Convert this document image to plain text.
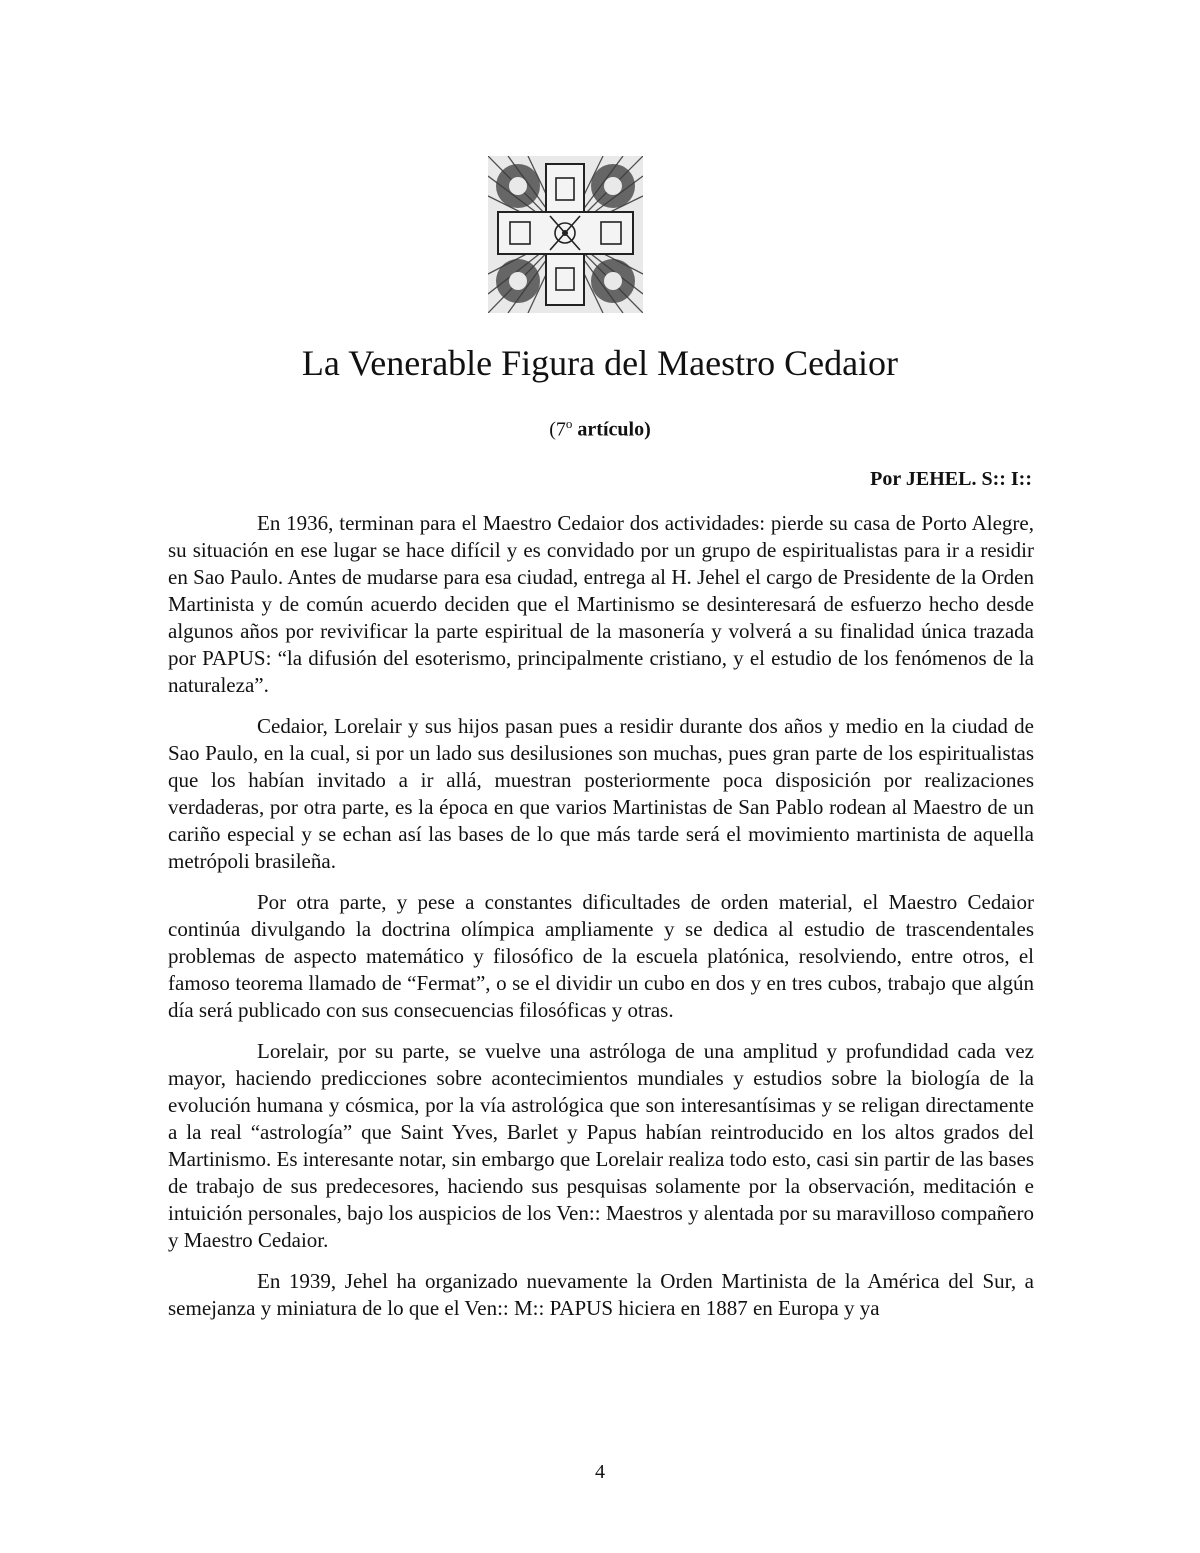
La Venerable Figura del Maestro Cedaior
(7$^o$ artículo)
Por JEHEL. S:: I::

En 1936, terminan para el Maestro Cedaior dos actividades: pierde su casa de Porto Alegre, su situación en ese lugar se hace difícil y es convidado por un grupo de espiritualistas para ir a residir en Sao Paulo. Antes de mudarse para esa ciudad, entrega al H. Jehel el cargo de Presidente de la Orden Martinista y de común acuerdo deciden que el Martinismo se desinteresará de esfuerzo hecho desde algunos años por revivificar la parte espiritual de la masonería y volverá a su finalidad única trazada por PAPUS: “la difusión del esoterismo, principalmente cristiano, y el estudio de los fenómenos de la naturaleza”.

Cedaior, Lorelair y sus hijos pasan pues a residir durante dos años y medio en la ciudad de Sao Paulo, en la cual, si por un lado sus desilusiones son muchas, pues gran parte de los espiritualistas que los habían invitado a ir allá, muestran posteriormente poca disposición por realizaciones verdaderas, por otra parte, es la época en que varios Martinistas de San Pablo rodean al Maestro de un cariño especial y se echan así las bases de lo que más tarde será el movimiento martinista de aquella metrópoli brasileña.

Por otra parte, y pese a constantes dificultades de orden material, el Maestro Cedaior continúa divulgando la doctrina olímpica ampliamente y se dedica al estudio de trascendentales problemas de aspecto matemático y filosófico de la escuela platónica, resolviendo, entre otros, el famoso teorema llamado de “Fermat”, o se el dividir un cubo en dos y en tres cubos, trabajo que algún día será publicado con sus consecuencias filosóficas y otras.

Lorelair, por su parte, se vuelve una astróloga de una amplitud y profundidad cada vez mayor, haciendo predicciones sobre acontecimientos mundiales y estudios sobre la biología de la evolución humana y cósmica, por la vía astrológica que son interesantísimas y se religan directamente a la real “astrología” que Saint Yves, Barlet y Papus habían reintroducido en los altos grados del Martinismo. Es interesante notar, sin embargo que Lorelair realiza todo esto, casi sin partir de las bases de trabajo de sus predecesores, haciendo sus pesquisas solamente por la observación, meditación e intuición personales, bajo los auspicios de los Ven:: Maestros y alentada por su maravilloso compañero y Maestro Cedaior.

En 1939, Jehel ha organizado nuevamente la Orden Martinista de la América del Sur, a semejanza y miniatura de lo que el Ven:: M:: PAPUS hiciera en 1887 en Europa y ya

4
